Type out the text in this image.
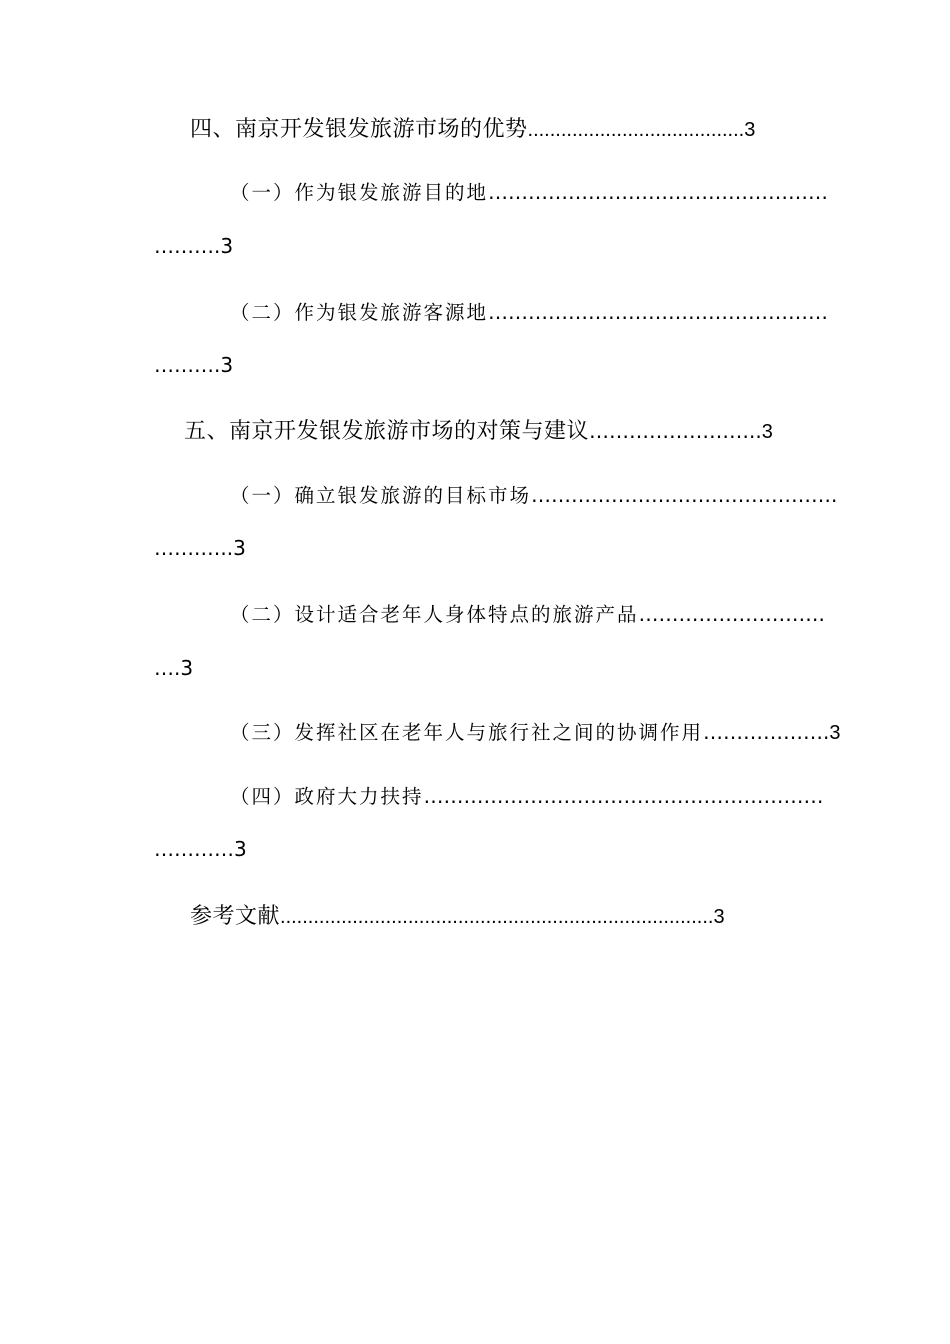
四、南京开发银发旅游市场的优势.......................................3
（一）作为银发旅游目的地……………………………………………
……….3
（二）作为银发旅游客源地……………………………………………
……….3
五、南京开发银发旅游市场的对策与建议……………………..3
（一）确立银发旅游的目标市场……………………………………….
…….…..3
（二）设计适合老年人身体特点的旅游产品……………………….
….3
（三）发挥社区在老年人与旅行社之间的协调作用……………….3
（四）政府大力扶持……………………………………………………
…………3
参考文献..............................................................................3
